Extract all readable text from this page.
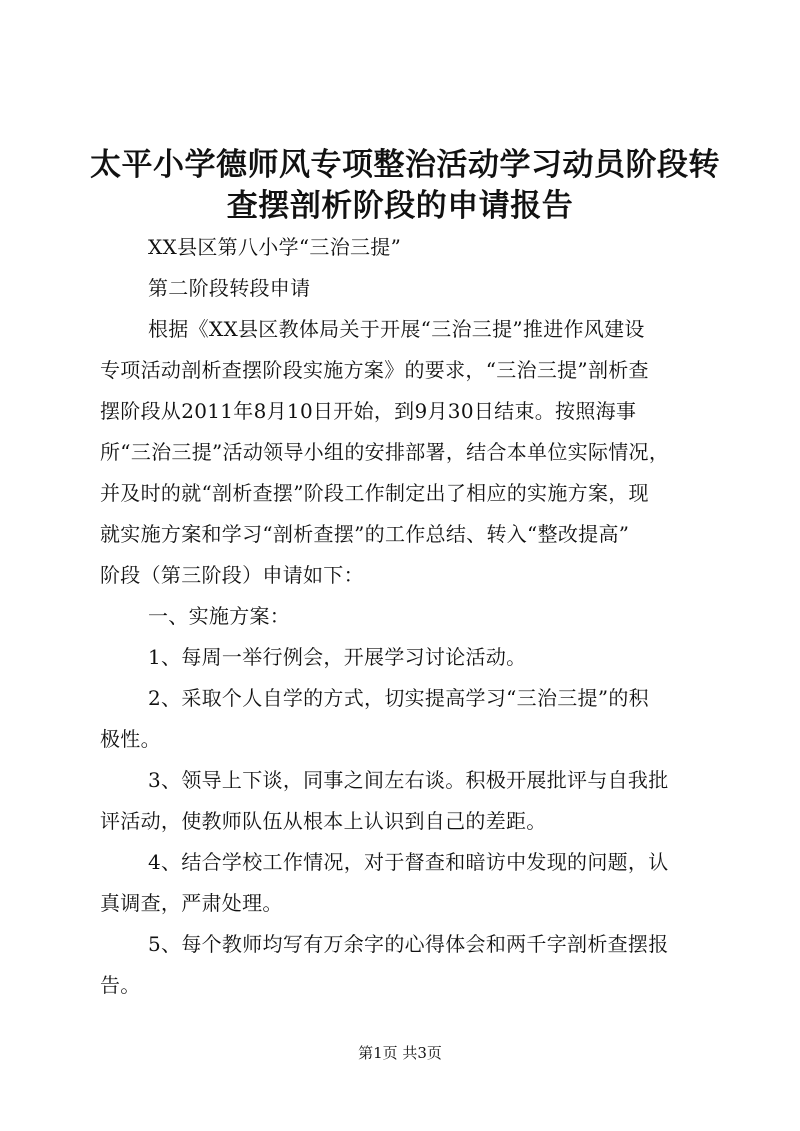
太平小学德师风专项整治活动学习动员阶段转
查摆剖析阶段的申请报告
XX县区第八小学“三治三提”
第二阶段转段申请
根据《XX县区教体局关于开展“三治三提”推进作风建设
专项活动剖析查摆阶段实施方案》的要求，“三治三提”剖析查
摆阶段从2011年8月10日开始，到9月30日结束。按照海事
所“三治三提”活动领导小组的安排部署，结合本单位实际情况，
并及时的就“剖析查摆”阶段工作制定出了相应的实施方案，现
就实施方案和学习“剖析查摆”的工作总结、转入“整改提高”
阶段（第三阶段）申请如下：
一、实施方案：
1、每周一举行例会，开展学习讨论活动。
2、采取个人自学的方式，切实提高学习“三治三提”的积
极性。
3、领导上下谈，同事之间左右谈。积极开展批评与自我批
评活动，使教师队伍从根本上认识到自己的差距。
4、结合学校工作情况，对于督查和暗访中发现的问题，认
真调查，严肃处理。
5、每个教师均写有万余字的心得体会和两千字剖析查摆报
告。
第1页 共3页
